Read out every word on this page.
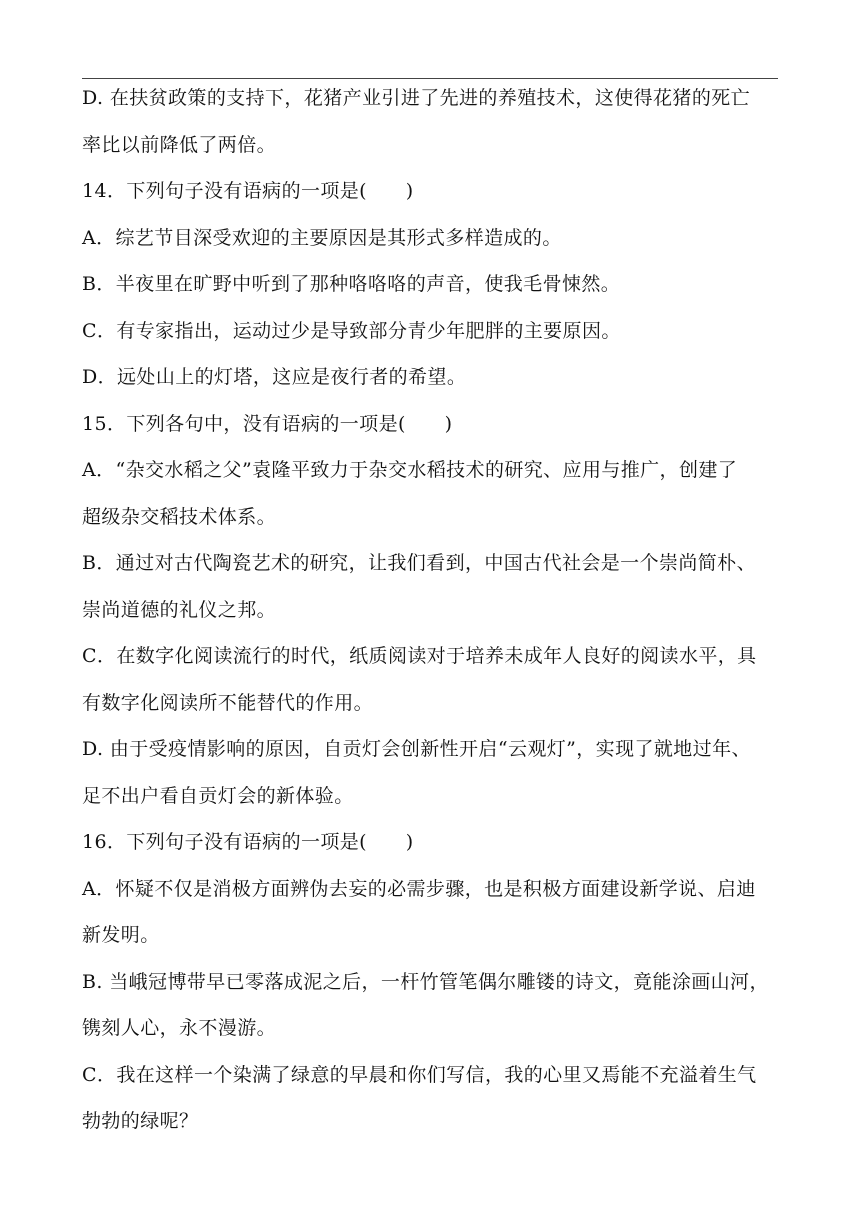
D. 在扶贫政策的支持下，花猪产业引进了先进的养殖技术，这使得花猪的死亡
率比以前降低了两倍。
14．下列句子没有语病的一项是(　　)
A．综艺节目深受欢迎的主要原因是其形式多样造成的。
B．半夜里在旷野中听到了那种咯咯咯的声音，使我毛骨悚然。
C．有专家指出，运动过少是导致部分青少年肥胖的主要原因。
D．远处山上的灯塔，这应是夜行者的希望。
15．下列各句中，没有语病的一项是(　　)
A．“杂交水稻之父”袁隆平致力于杂交水稻技术的研究、应用与推广，创建了
超级杂交稻技术体系。
B．通过对古代陶瓷艺术的研究，让我们看到，中国古代社会是一个崇尚简朴、
崇尚道德的礼仪之邦。
C．在数字化阅读流行的时代，纸质阅读对于培养未成年人良好的阅读水平，具
有数字化阅读所不能替代的作用。
D. 由于受疫情影响的原因，自贡灯会创新性开启“云观灯”，实现了就地过年、
足不出户看自贡灯会的新体验。
16．下列句子没有语病的一项是(　　)
A．怀疑不仅是消极方面辨伪去妄的必需步骤，也是积极方面建设新学说、启迪
新发明。
B. 当峨冠博带早已零落成泥之后，一杆竹管笔偶尔雕镂的诗文，竟能涂画山河，
镌刻人心，永不漫游。
C．我在这样一个染满了绿意的早晨和你们写信，我的心里又焉能不充溢着生气
勃勃的绿呢？
